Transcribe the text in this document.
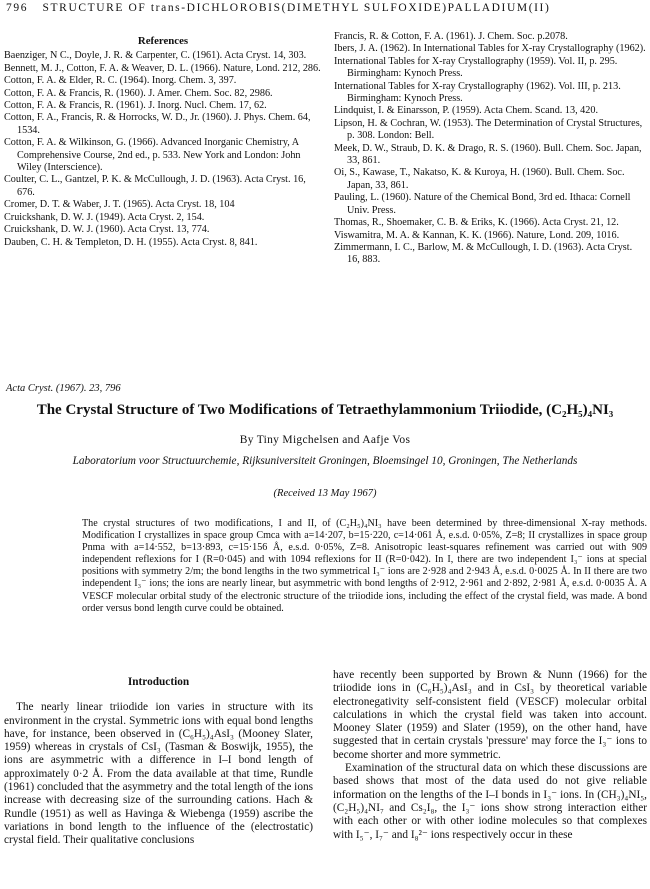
796 STRUCTURE OF trans-DICHLOROBIS(DIMETHYL SULFOXIDE)PALLADIUM(II)
References
Baenziger, N C., Doyle, J. R. & Carpenter, C. (1961). Acta Cryst. 14, 303.
Bennett, M. J., Cotton, F. A. & Weaver, D. L. (1966). Nature, Lond. 212, 286.
Cotton, F. A. & Elder, R. C. (1964). Inorg. Chem. 3, 397.
Cotton, F. A. & Francis, R. (1960). J. Amer. Chem. Soc. 82, 2986.
Cotton, F. A. & Francis, R. (1961). J. Inorg. Nucl. Chem. 17, 62.
Cotton, F. A., Francis, R. & Horrocks, W. D., Jr. (1960). J. Phys. Chem. 64, 1534.
Cotton, F. A. & Wilkinson, G. (1966). Advanced Inorganic Chemistry, A Comprehensive Course, 2nd ed., p. 533. New York and London: John Wiley (Interscience).
Coulter, C. L., Gantzel, P. K. & McCullough, J. D. (1963). Acta Cryst. 16, 676.
Cromer, D. T. & Waber, J. T. (1965). Acta Cryst. 18, 104
Cruickshank, D. W. J. (1949). Acta Cryst. 2, 154.
Cruickshank, D. W. J. (1960). Acta Cryst. 13, 774.
Dauben, C. H. & Templeton, D. H. (1955). Acta Cryst. 8, 841.
Francis, R. & Cotton, F. A. (1961). J. Chem. Soc. p.2078.
Ibers, J. A. (1962). In International Tables for X-ray Crystallography (1962).
International Tables for X-ray Crystallography (1959). Vol. II, p. 295. Birmingham: Kynoch Press.
International Tables for X-ray Crystallography (1962). Vol. III, p. 213. Birmingham: Kynoch Press.
Lindquist, I. & Einarsson, P. (1959). Acta Chem. Scand. 13, 420.
Lipson, H. & Cochran, W. (1953). The Determination of Crystal Structures, p. 308. London: Bell.
Meek, D. W., Straub, D. K. & Drago, R. S. (1960). Bull. Chem. Soc. Japan, 33, 861.
Oi, S., Kawase, T., Nakatso, K. & Kuroya, H. (1960). Bull. Chem. Soc. Japan, 33, 861.
Pauling, L. (1960). Nature of the Chemical Bond, 3rd ed. Ithaca: Cornell Univ. Press.
Thomas, R., Shoemaker, C. B. & Eriks, K. (1966). Acta Cryst. 21, 12.
Viswamitra, M. A. & Kannan, K. K. (1966). Nature, Lond. 209, 1016.
Zimmermann, I. C., Barlow, M. & McCullough, I. D. (1963). Acta Cryst. 16, 883.
Acta Cryst. (1967). 23, 796
The Crystal Structure of Two Modifications of Tetraethylammonium Triiodide, (C₂H₅)₄NI₃
By Tiny Migchelsen and Aafje Vos
Laboratorium voor Structuurchemie, Rijksuniversiteit Groningen, Bloemsingel 10, Groningen, The Netherlands
(Received 13 May 1967)
The crystal structures of two modifications, I and II, of (C₂H₅)₄NI₃ have been determined by three-dimensional X-ray methods. Modification I crystallizes in space group Cmca with a=14·207, b=15·220, c=14·061 Å, e.s.d. 0·05%, Z=8; II crystallizes in space group Pnma with a=14·552, b=13·893, c=15·156 Å, e.s.d. 0·05%, Z=8. Anisotropic least-squares refinement was carried out with 909 independent reflexions for I (R=0·045) and with 1094 reflexions for II (R=0·042). In I, there are two independent I₃⁻ ions at special positions with symmetry 2/m; the bond lengths in the two symmetrical I₃⁻ ions are 2·928 and 2·943 Å, e.s.d. 0·0025 Å. In II there are two independent I₃⁻ ions; the ions are nearly linear, but asymmetric with bond lengths of 2·912, 2·961 and 2·892, 2·981 Å, e.s.d. 0·0035 Å. A VESCF molecular orbital study of the electronic structure of the triiodide ions, including the effect of the crystal field, was made. A bond order versus bond length curve could be obtained.
Introduction

The nearly linear triiodide ion varies in structure with its environment in the crystal. Symmetric ions with equal bond lengths have, for instance, been observed in (C₆H₅)₄AsI₃ (Mooney Slater, 1959) whereas in crystals of CsI₃ (Tasman & Boswijk, 1955), the ions are asymmetric with a difference in I–I bond length of approximately 0·2 Å. From the data available at that time, Rundle (1961) concluded that the asymmetry and the total length of the ions increase with decreasing size of the surrounding cations. Hach & Rundle (1951) as well as Havinga & Wiebenga (1959) ascribe the variations in bond length to the influence of the (electrostatic) crystal field. Their qualitative conclusions

have recently been supported by Brown & Nunn (1966) for the triiodide ions in (C₆H₅)₄AsI₃ and in CsI₃ by theoretical variable electronegativity self-consistent field (VESCF) molecular orbital calculations in which the crystal field was taken into account. Mooney Slater (1959) and Slater (1959), on the other hand, have suggested that in certain crystals 'pressure' may force the I₃⁻ ions to become shorter and more symmetric.

Examination of the structural data on which these discussions are based shows that most of the data used do not give reliable information on the lengths of the I–I bonds in I₃⁻ ions. In (CH₃)₄NI₅, (C₂H₅)₄NI₇ and Cs₂I₈, the I₃⁻ ions show strong interaction either with each other or with other iodine molecules so that complexes with I₅⁻, I₇⁻ and I₈²⁻ ions respectively occur in these
